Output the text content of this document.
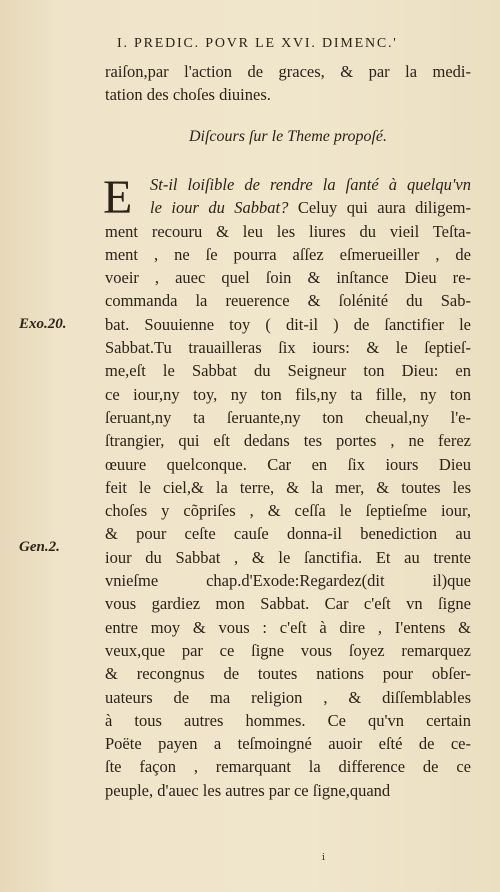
I. PREDIC. POVR LE XVI. DIMENC.'
raiſon,par l'action de graces, & par la medi-
tation des choſes diuines.
Diſcours ſur le Theme propoſé.
E	St-il loiſible de rendre la ſanté à quelqu'vn
le iour du Sabbat? Celuy qui aura diligem-
ment recouru & leu les liures du vieil Teſta-
ment , ne ſe pourra aſſez eſmerueiller , de
voeir , auec quel ſoin & inſtance Dieu re-
commanda la reuerence & ſolénité du Sab-
bat. Souuienne toy ( dit-il ) de ſanctifier le
Sabbat.Tu trauailleras ſix iours: & le ſeptieſ-
me,eſt le Sabbat du Seigneur ton Dieu: en
ce iour,ny toy, ny ton fils,ny ta fille, ny ton
ſeruant,ny ta ſeruante,ny ton cheual,ny l'e-
ſtrangier, qui eſt dedans tes portes , ne ferez
œuure quelconque. Car en ſix iours Dieu
feit le ciel,& la terre, & la mer, & toutes les
choſes y cõpriſes , & ceſſa le ſeptieſme iour,
& pour ceſte cauſe donna-il benediction au
iour du Sabbat , & le ſanctifia. Et au trente
vnieſme chap.d'Exode:Regardez(dit il)que
vous gardiez mon Sabbat. Car c'eſt vn ſigne
entre moy & vous : c'eſt à dire , I'entens &
veux,que par ce ſigne vous ſoyez remarquez
& recongnus de toutes nations pour obſer-
uateurs de ma religion , & diſſemblables
à tous autres hommes. Ce qu'vn certain
Poëte payen a teſmoingné auoir eſté de ce-
ſte façon , remarquant la difference de ce
peuple, d'auec les autres par ce ſigne,quand
Exo.20.
Gen.2.
i
